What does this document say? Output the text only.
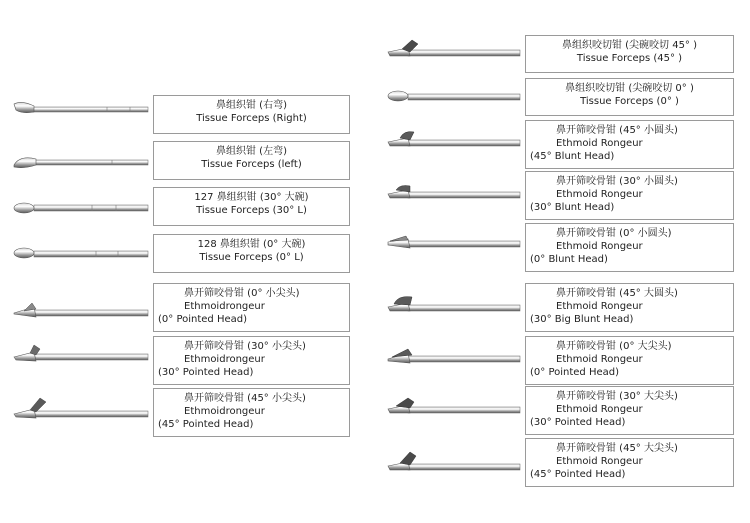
鼻组织钳 (右弯)
Tissue Forceps (Right)
鼻组织钳 (左弯)
Tissue Forceps (left)
127 鼻组织钳 (30° 大碗)
Tissue Forceps (30° L)
128 鼻组织钳 (0° 大碗)
Tissue Forceps (0° L)
鼻开筛咬骨钳 (0° 小尖头)
Ethmoidrongeur
(0° Pointed Head)
鼻开筛咬骨钳 (30° 小尖头)
Ethmoidrongeur
(30° Pointed Head)
鼻开筛咬骨钳 (45° 小尖头)
Ethmoidrongeur
(45° Pointed Head)
鼻组织咬切钳 (尖碗咬切 45° )
Tissue Forceps (45° )
鼻组织咬切钳 (尖碗咬切 0° )
Tissue Forceps (0° )
鼻开筛咬骨钳 (45° 小圆头)
Ethmoid Rongeur
(45° Blunt Head)
鼻开筛咬骨钳 (30° 小圆头)
Ethmoid Rongeur
(30° Blunt Head)
鼻开筛咬骨钳 (0° 小圆头)
Ethmoid Rongeur
(0° Blunt Head)
鼻开筛咬骨钳 (45° 大圆头)
Ethmoid Rongeur
(30° Big Blunt Head)
鼻开筛咬骨钳 (0° 大尖头)
Ethmoid Rongeur
(0° Pointed Head)
鼻开筛咬骨钳 (30° 大尖头)
Ethmoid Rongeur
(30° Pointed Head)
鼻开筛咬骨钳 (45° 大尖头)
Ethmoid Rongeur
(45° Pointed Head)
